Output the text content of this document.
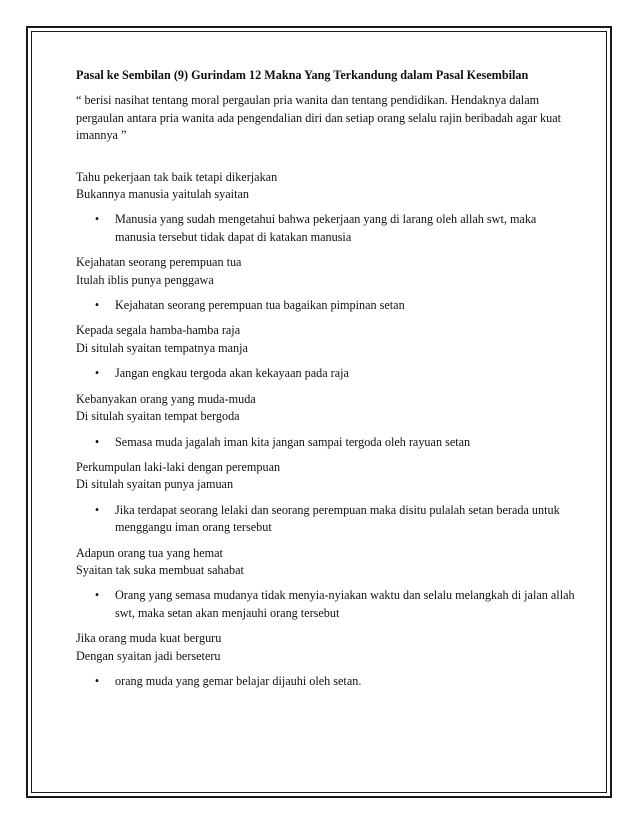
Pasal ke Sembilan (9) Gurindam 12 Makna Yang Terkandung dalam Pasal Kesembilan

“ berisi nasihat tentang moral pergaulan pria wanita dan tentang pendidikan. Hendaknya dalam pergaulan antara pria wanita ada pengendalian diri dan setiap orang selalu rajin beribadah agar kuat imannya ”

Tahu pekerjaan tak baik tetapi dikerjakan
Bukannya manusia yaitulah syaitan

• Manusia yang sudah mengetahui bahwa pekerjaan yang di larang oleh allah swt, maka manusia tersebut tidak dapat di katakan manusia

Kejahatan seorang perempuan tua
Itulah iblis punya penggawa

• Kejahatan seorang perempuan tua bagaikan pimpinan setan

Kepada segala hamba-hamba raja
Di situlah syaitan tempatnya manja

• Jangan engkau tergoda akan kekayaan pada raja

Kebanyakan orang yang muda-muda
Di situlah syaitan tempat bergoda

• Semasa muda jagalah iman kita jangan sampai tergoda oleh rayuan setan

Perkumpulan laki-laki dengan perempuan
Di situlah syaitan punya jamuan

• Jika terdapat seorang lelaki dan seorang perempuan maka disitu pulalah setan berada untuk menggangu iman orang tersebut

Adapun orang tua yang hemat
Syaitan tak suka membuat sahabat

• Orang yang semasa mudanya tidak menyia-nyiakan waktu dan selalu melangkah di jalan allah swt, maka setan akan menjauhi orang tersebut

Jika orang muda kuat berguru
Dengan syaitan jadi berseteru

• orang muda yang gemar belajar dijauhi oleh setan.
